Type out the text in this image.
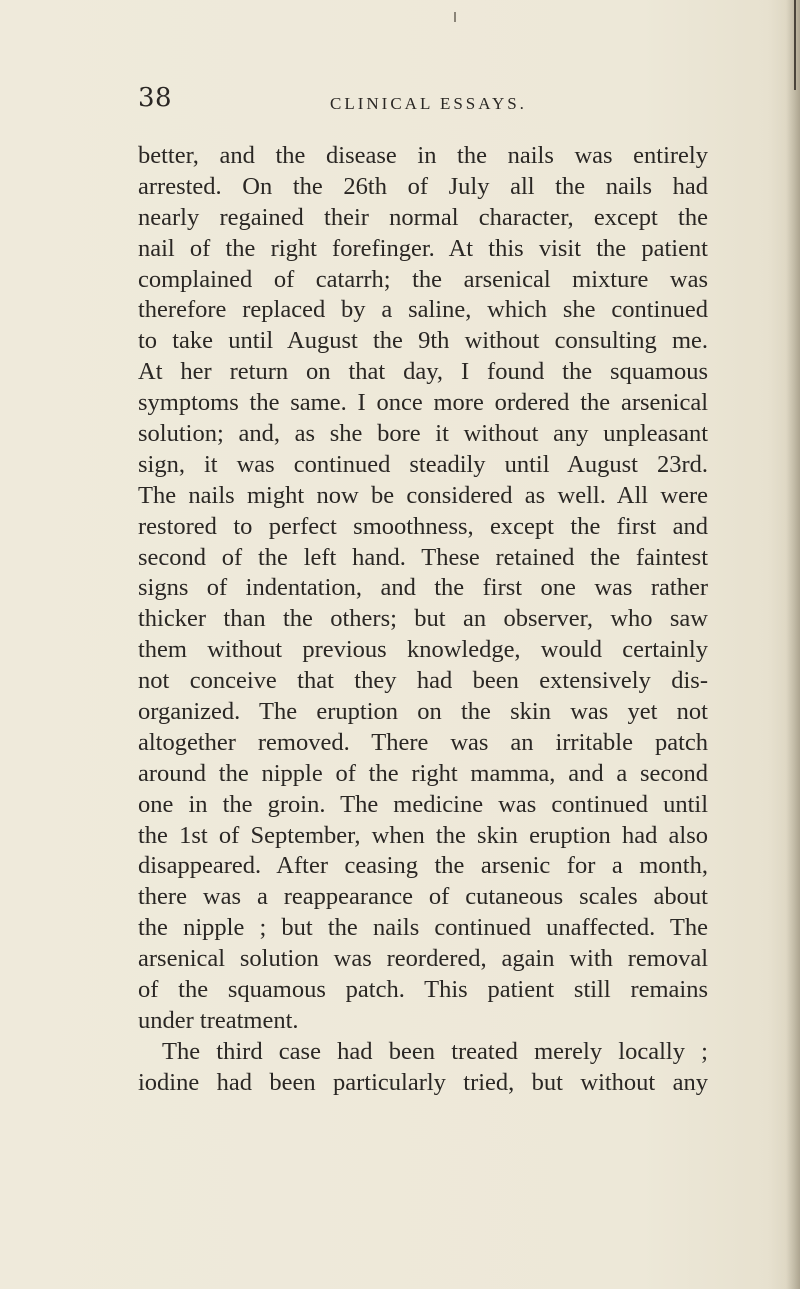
38	CLINICAL ESSAYS.
better, and the disease in the nails was entirely
arrested. On the 26th of July all the nails had
nearly regained their normal character, except the
nail of the right forefinger. At this visit the patient
complained of catarrh; the arsenical mixture was
therefore replaced by a saline, which she continued
to take until August the 9th without consulting me.
At her return on that day, I found the squamous
symptoms the same. I once more ordered the arsenical
solution; and, as she bore it without any unpleasant
sign, it was continued steadily until August 23rd.
The nails might now be considered as well. All were
restored to perfect smoothness, except the first and
second of the left hand. These retained the faintest
signs of indentation, and the first one was rather
thicker than the others; but an observer, who saw
them without previous knowledge, would certainly
not conceive that they had been extensively dis-
organized. The eruption on the skin was yet not
altogether removed. There was an irritable patch
around the nipple of the right mamma, and a second
one in the groin. The medicine was continued until
the 1st of September, when the skin eruption had also
disappeared. After ceasing the arsenic for a month,
there was a reappearance of cutaneous scales about
the nipple ; but the nails continued unaffected. The
arsenical solution was reordered, again with removal
of the squamous patch. This patient still remains
under treatment.
The third case had been treated merely locally ;
iodine had been particularly tried, but without any
